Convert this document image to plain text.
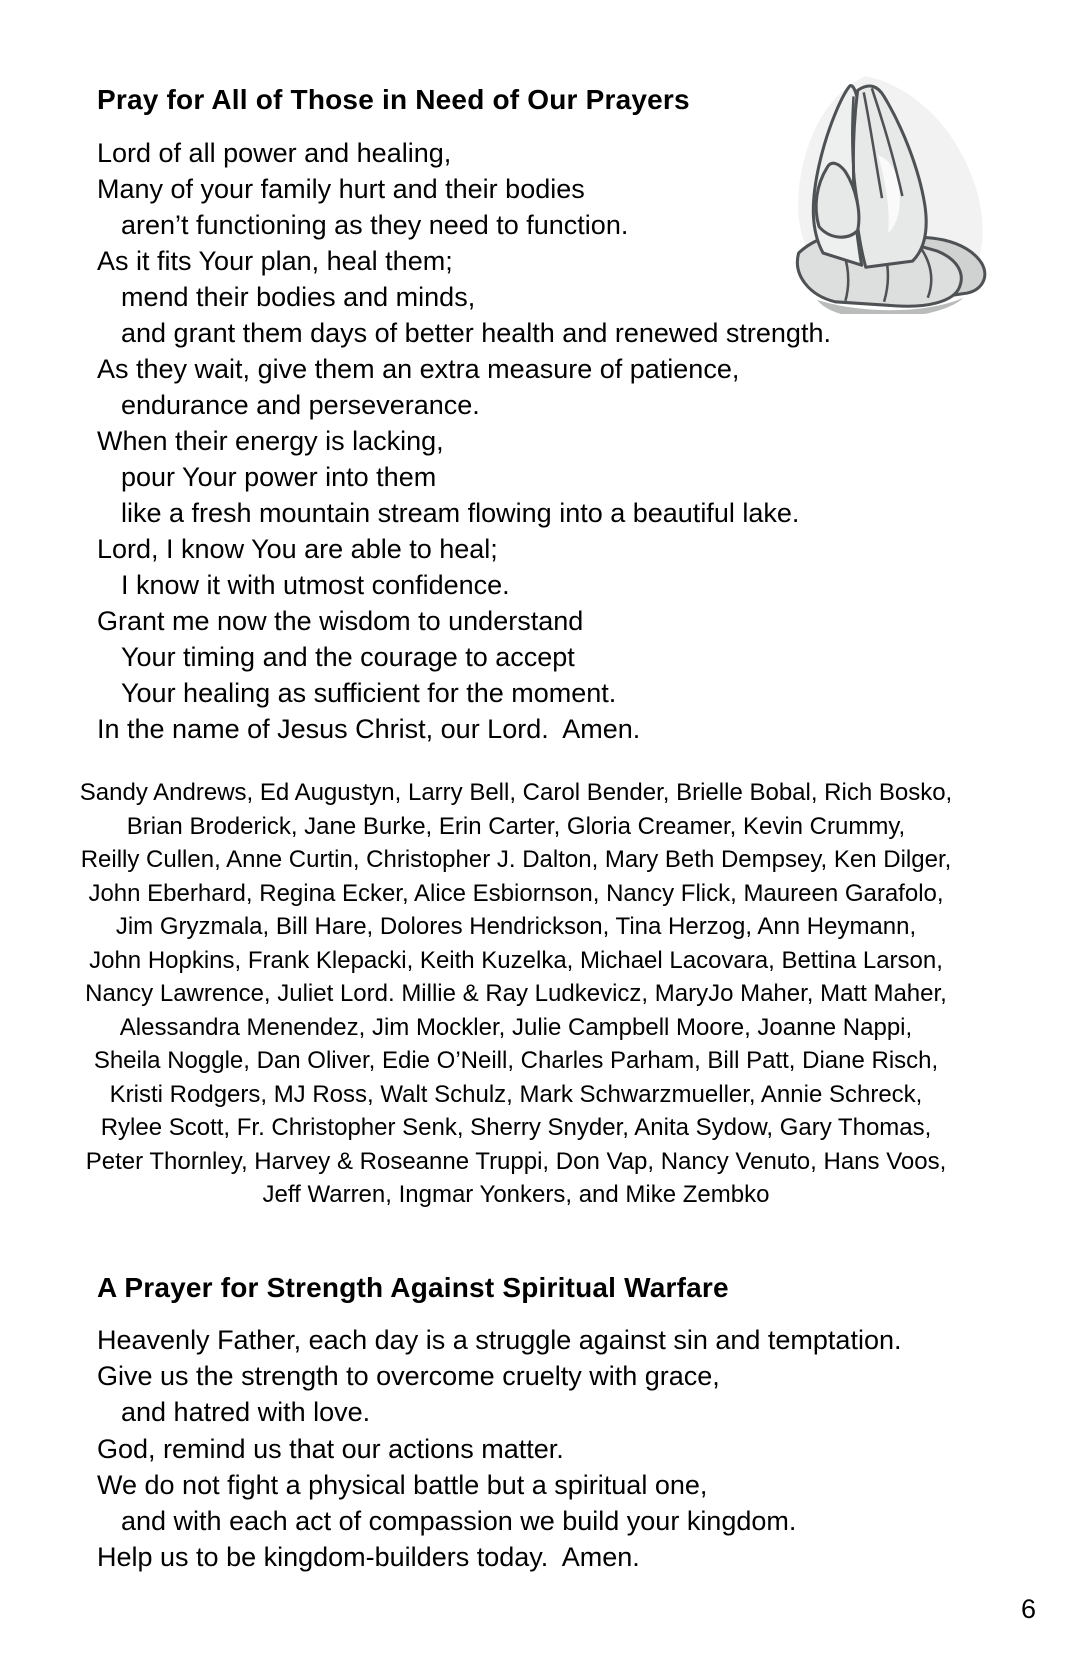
Pray for All of Those in Need of Our Prayers
Lord of all power and healing,
Many of your family hurt and their bodies
aren’t functioning as they need to function.
As it fits Your plan, heal them;
mend their bodies and minds,
and grant them days of better health and renewed strength.
As they wait, give them an extra measure of patience,
endurance and perseverance.
When their energy is lacking,
pour Your power into them
like a fresh mountain stream flowing into a beautiful lake.
Lord, I know You are able to heal;
I know it with utmost confidence.
Grant me now the wisdom to understand
Your timing and the courage to accept
Your healing as sufficient for the moment.
In the name of Jesus Christ, our Lord.  Amen.
Sandy Andrews, Ed Augustyn, Larry Bell, Carol Bender, Brielle Bobal, Rich Bosko,
Brian Broderick, Jane Burke, Erin Carter, Gloria Creamer, Kevin Crummy,
Reilly Cullen, Anne Curtin, Christopher J. Dalton, Mary Beth Dempsey, Ken Dilger,
John Eberhard, Regina Ecker, Alice Esbiornson, Nancy Flick, Maureen Garafolo,
Jim Gryzmala, Bill Hare, Dolores Hendrickson, Tina Herzog, Ann Heymann,
John Hopkins, Frank Klepacki, Keith Kuzelka, Michael Lacovara, Bettina Larson,
Nancy Lawrence, Juliet Lord. Millie & Ray Ludkevicz, MaryJo Maher, Matt Maher,
Alessandra Menendez, Jim Mockler, Julie Campbell Moore, Joanne Nappi,
Sheila Noggle, Dan Oliver, Edie O’Neill, Charles Parham, Bill Patt, Diane Risch,
Kristi Rodgers, MJ Ross, Walt Schulz, Mark Schwarzmueller, Annie Schreck,
Rylee Scott, Fr. Christopher Senk, Sherry Snyder, Anita Sydow, Gary Thomas,
Peter Thornley, Harvey & Roseanne Truppi, Don Vap, Nancy Venuto, Hans Voos,
Jeff Warren, Ingmar Yonkers, and Mike Zembko
A Prayer for Strength Against Spiritual Warfare
Heavenly Father, each day is a struggle against sin and temptation.
Give us the strength to overcome cruelty with grace,
and hatred with love.
God, remind us that our actions matter.
We do not fight a physical battle but a spiritual one,
and with each act of compassion we build your kingdom.
Help us to be kingdom-builders today.  Amen.
6
